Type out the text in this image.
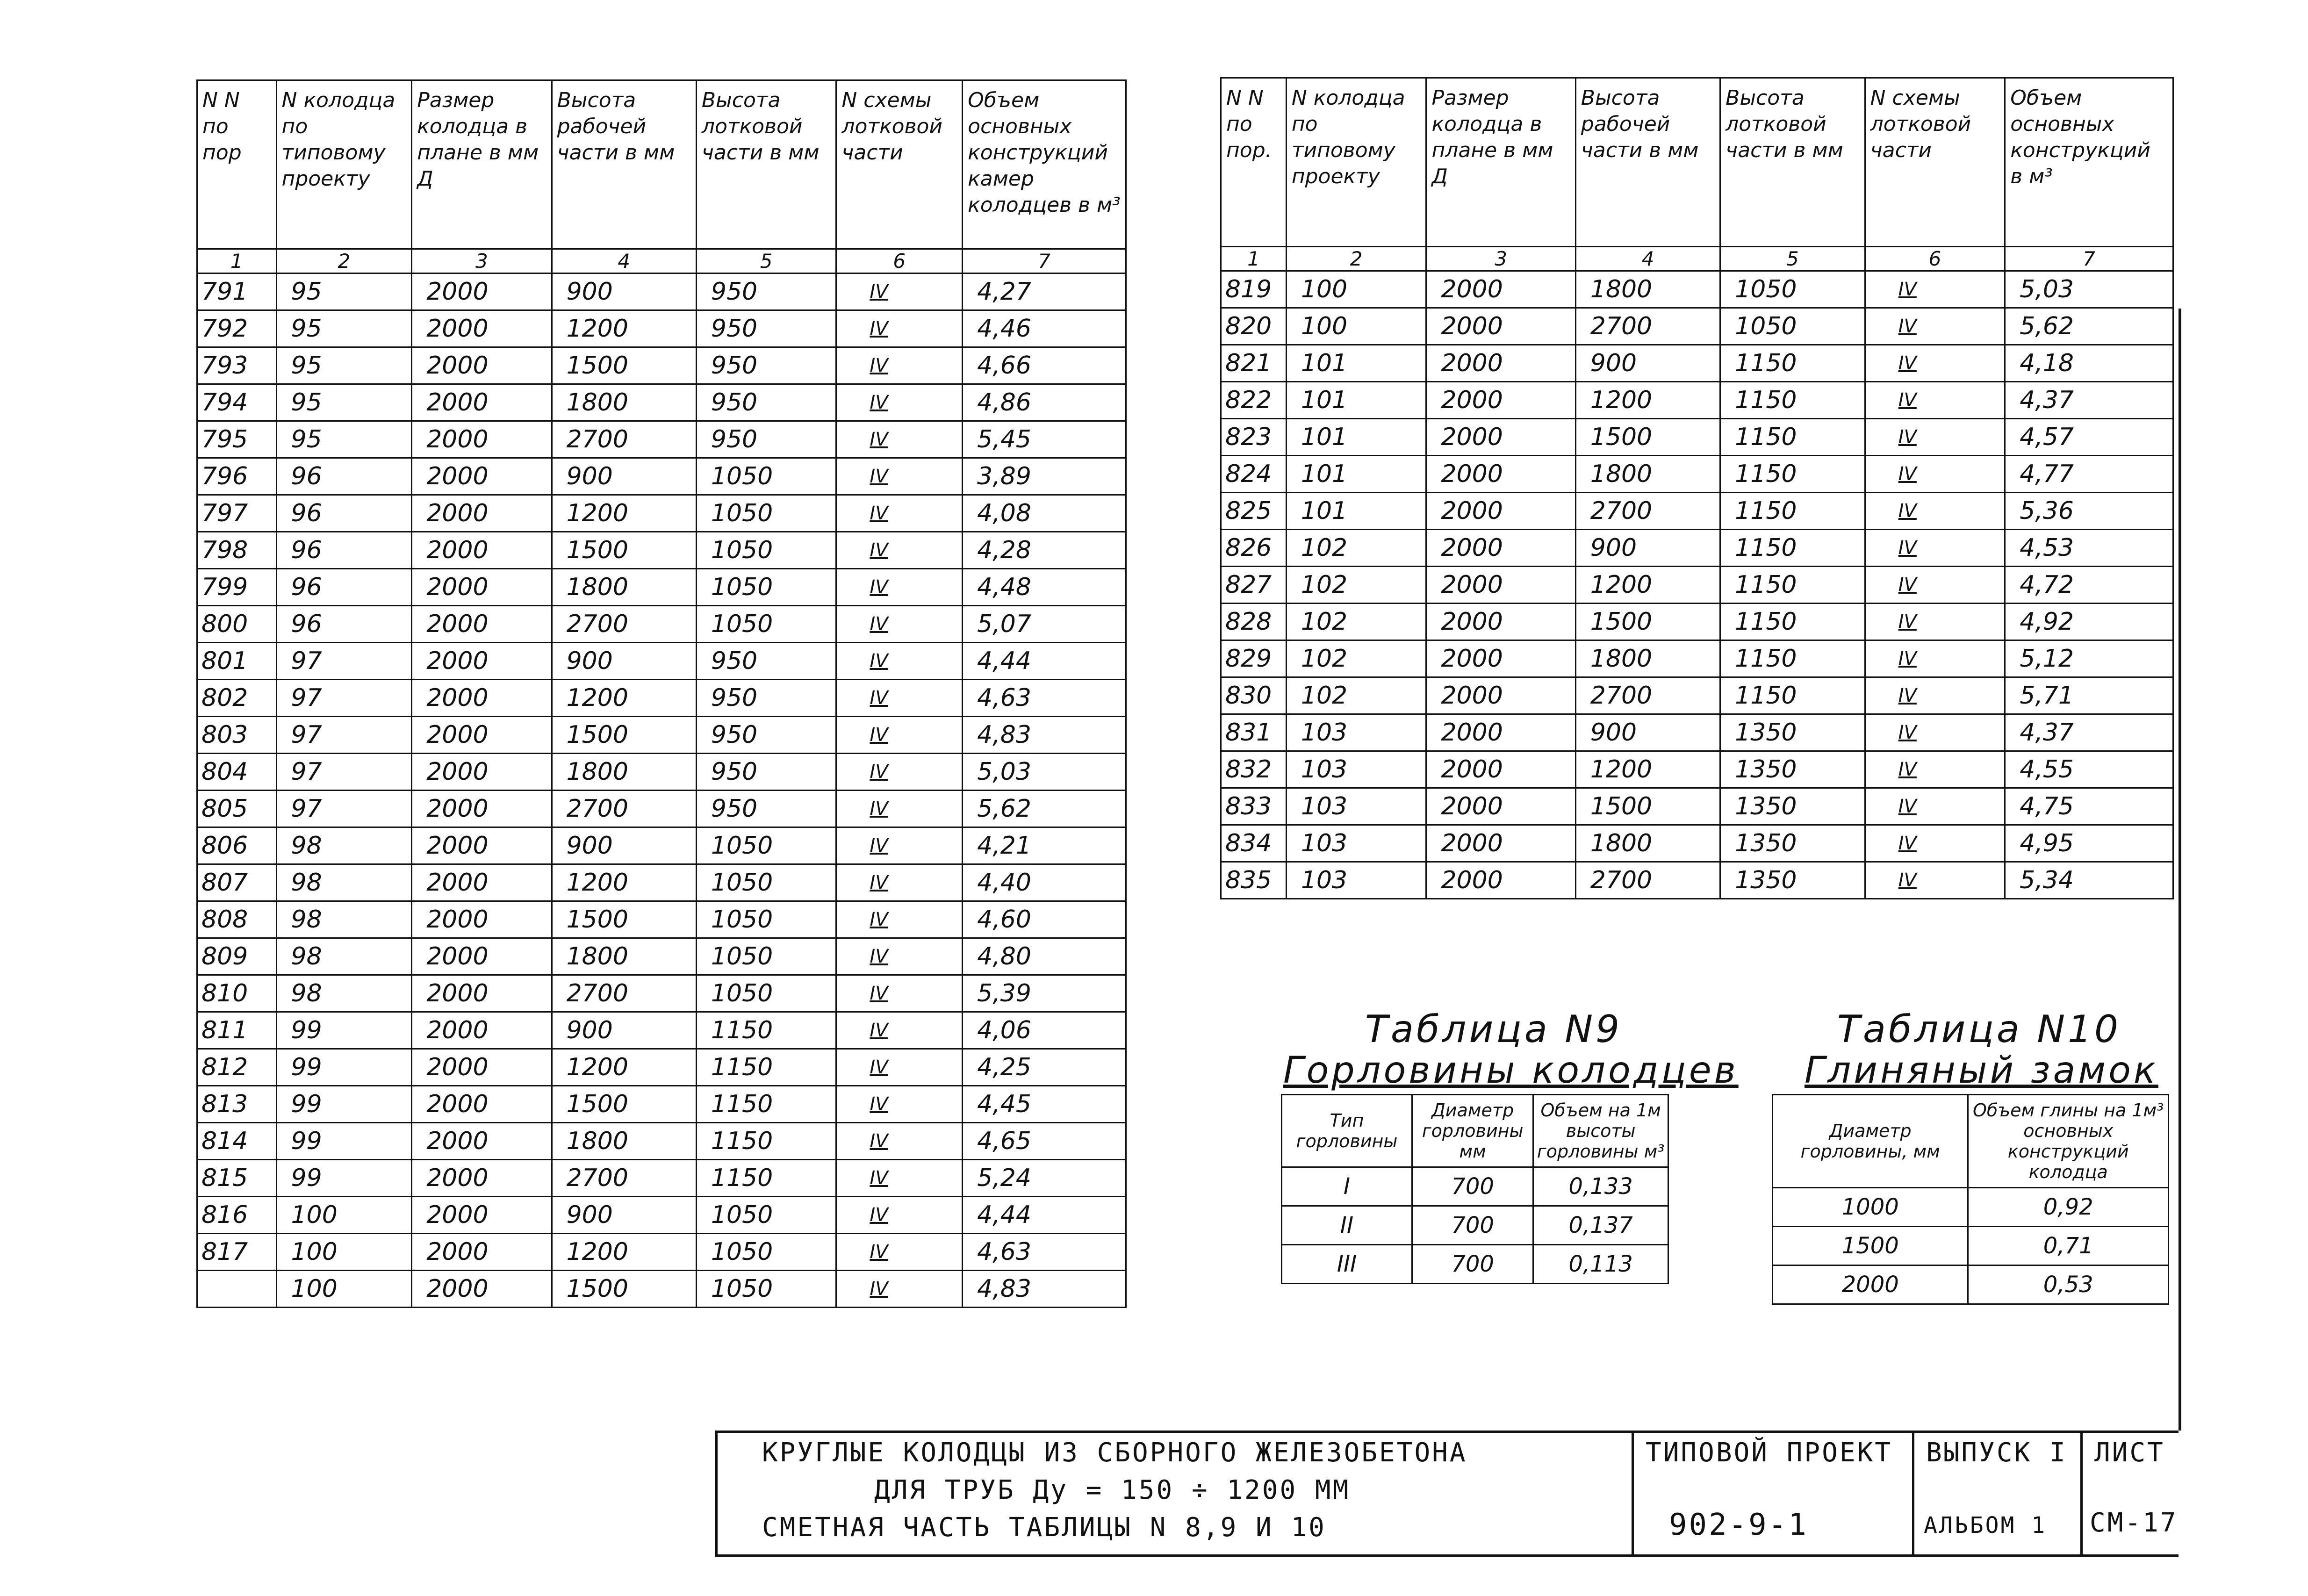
N N по пор	N колодца по типовому проекту	Размер колодца в плане в мм Д	Высота рабочей части в мм	Высота лотковой части в мм	N схемы лотковой части	Объем основных конструкций камер колодцев в м³
1	2	3	4	5	6	7
791	95	2000	900	950	IV	4,27
792	95	2000	1200	950	IV	4,46
793	95	2000	1500	950	IV	4,66
794	95	2000	1800	950	IV	4,86
795	95	2000	2700	950	IV	5,45
796	96	2000	900	1050	IV	3,89
797	96	2000	1200	1050	IV	4,08
798	96	2000	1500	1050	IV	4,28
799	96	2000	1800	1050	IV	4,48
800	96	2000	2700	1050	IV	5,07
801	97	2000	900	950	IV	4,44
802	97	2000	1200	950	IV	4,63
803	97	2000	1500	950	IV	4,83
804	97	2000	1800	950	IV	5,03
805	97	2000	2700	950	IV	5,62
806	98	2000	900	1050	IV	4,21
807	98	2000	1200	1050	IV	4,40
808	98	2000	1500	1050	IV	4,60
809	98	2000	1800	1050	IV	4,80
810	98	2000	2700	1050	IV	5,39
811	99	2000	900	1150	IV	4,06
812	99	2000	1200	1150	IV	4,25
813	99	2000	1500	1150	IV	4,45
814	99	2000	1800	1150	IV	4,65
815	99	2000	2700	1150	IV	5,24
816	100	2000	900	1050	IV	4,44
817	100	2000	1200	1050	IV	4,63
	100	2000	1500	1050	IV	4,83
N N по пор.	N колодца по типовому проекту	Размер колодца в плане в мм Д	Высота рабочей части в мм	Высота лотковой части в мм	N схемы лотковой части	Объем основных конструкций в м³
1	2	3	4	5	6	7
819	100	2000	1800	1050	IV	5,03
820	100	2000	2700	1050	IV	5,62
821	101	2000	900	1150	IV	4,18
822	101	2000	1200	1150	IV	4,37
823	101	2000	1500	1150	IV	4,57
824	101	2000	1800	1150	IV	4,77
825	101	2000	2700	1150	IV	5,36
826	102	2000	900	1150	IV	4,53
827	102	2000	1200	1150	IV	4,72
828	102	2000	1500	1150	IV	4,92
829	102	2000	1800	1150	IV	5,12
830	102	2000	2700	1150	IV	5,71
831	103	2000	900	1350	IV	4,37
832	103	2000	1200	1350	IV	4,55
833	103	2000	1500	1350	IV	4,75
834	103	2000	1800	1350	IV	4,95
835	103	2000	2700	1350	IV	5,34
Таблица N9
Горловины колодцев
Тип горловины	Диаметр горловины мм	Объем на 1м высоты горловины м³
I	700	0,133
II	700	0,137
III	700	0,113
Таблица N10
Глиняный замок
Диаметр горловины, мм	Объем глины на 1м³ основных конструкций колодца
1000	0,92
1500	0,71
2000	0,53
КРУГЛЫЕ КОЛОДЦЫ ИЗ СБОРНОГО ЖЕЛЕЗОБЕТОНА
ДЛЯ ТРУБ Ду = 150 ÷ 1200 ММ
СМЕТНАЯ ЧАСТЬ ТАБЛИЦЫ N 8,9 И 10
ТИПОВОЙ ПРОЕКТ
902-9-1
ВЫПУСК I
АЛЬБОМ 1
ЛИСТ
СМ-17
